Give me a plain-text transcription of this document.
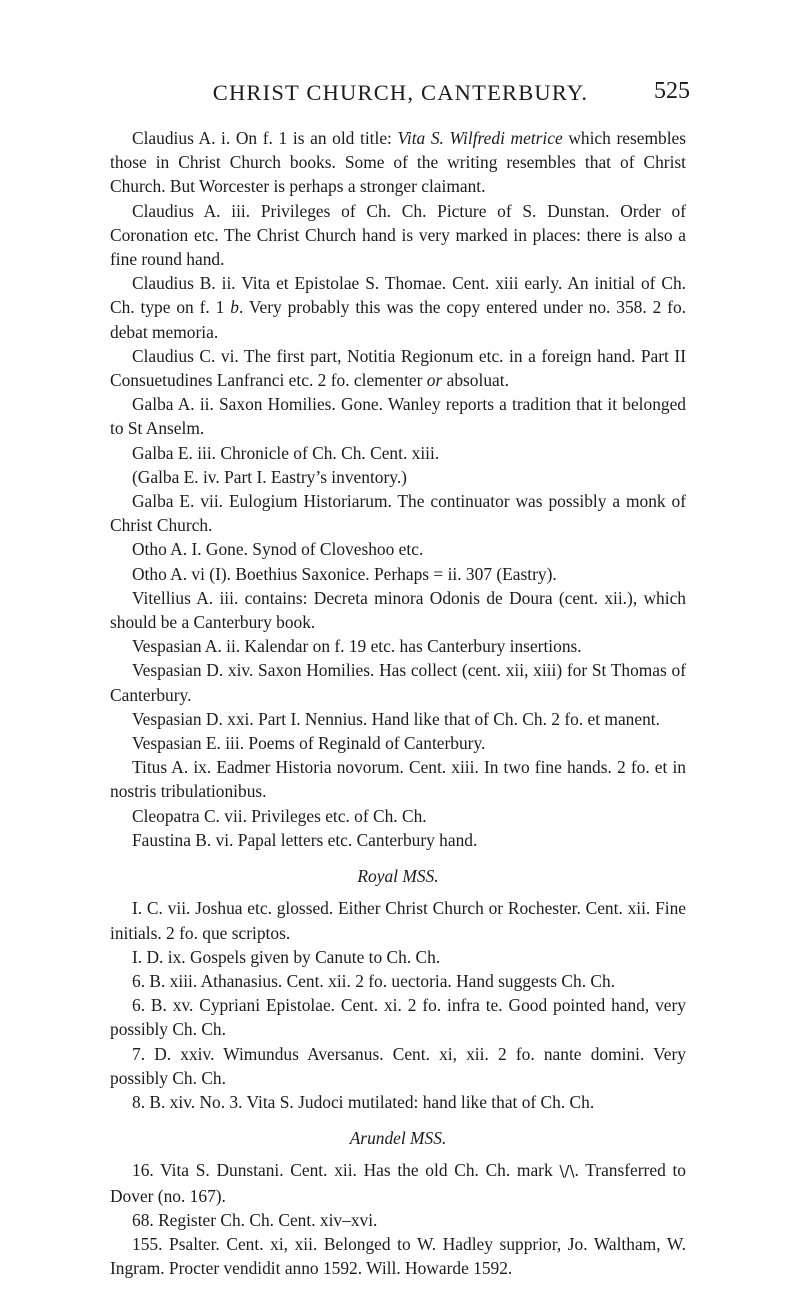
CHRIST CHURCH, CANTERBURY.	525

Claudius A. i. On f. 1 is an old title: Vita S. Wilfredi metrice which resembles those in Christ Church books. Some of the writing resembles that of Christ Church. But Worcester is perhaps a stronger claimant.

Claudius A. iii. Privileges of Ch. Ch. Picture of S. Dunstan. Order of Coronation etc. The Christ Church hand is very marked in places: there is also a fine round hand.

Claudius B. ii. Vita et Epistolae S. Thomae. Cent. xiii early. An initial of Ch. Ch. type on f. 1 b. Very probably this was the copy entered under no. 358. 2 fo. debat memoria.

Claudius C. vi. The first part, Notitia Regionum etc. in a foreign hand. Part II Consuetudines Lanfranci etc. 2 fo. clementer or absoluat.

Galba A. ii. Saxon Homilies. Gone. Wanley reports a tradition that it belonged to St Anselm.

Galba E. iii. Chronicle of Ch. Ch. Cent. xiii.

(Galba E. iv. Part I. Eastry’s inventory.)

Galba E. vii. Eulogium Historiarum. The continuator was possibly a monk of Christ Church.

Otho A. I. Gone. Synod of Cloveshoo etc.

Otho A. vi (I). Boethius Saxonice. Perhaps = ii. 307 (Eastry).

Vitellius A. iii. contains: Decreta minora Odonis de Doura (cent. xii.), which should be a Canterbury book.

Vespasian A. ii. Kalendar on f. 19 etc. has Canterbury insertions.

Vespasian D. xiv. Saxon Homilies. Has collect (cent. xii, xiii) for St Thomas of Canterbury.

Vespasian D. xxi. Part I. Nennius. Hand like that of Ch. Ch. 2 fo. et manent.

Vespasian E. iii. Poems of Reginald of Canterbury.

Titus A. ix. Eadmer Historia novorum. Cent. xiii. In two fine hands. 2 fo. et in nostris tribulationibus.

Cleopatra C. vii. Privileges etc. of Ch. Ch.

Faustina B. vi. Papal letters etc. Canterbury hand.

Royal MSS.

I. C. vii. Joshua etc. glossed. Either Christ Church or Rochester. Cent. xii. Fine initials. 2 fo. que scriptos.

I. D. ix. Gospels given by Canute to Ch. Ch.

6. B. xiii. Athanasius. Cent. xii. 2 fo. uectoria. Hand suggests Ch. Ch.

6. B. xv. Cypriani Epistolae. Cent. xi. 2 fo. infra te. Good pointed hand, very possibly Ch. Ch.

7. D. xxiv. Wimundus Aversanus. Cent. xi, xii. 2 fo. nante domini. Very possibly Ch. Ch.

8. B. xiv. No. 3. Vita S. Judoci mutilated: hand like that of Ch. Ch.

Arundel MSS.

16. Vita S. Dunstani. Cent. xii. Has the old Ch. Ch. mark \/\. Transferred to Dover (no. 167).

68. Register Ch. Ch. Cent. xiv–xvi.

155. Psalter. Cent. xi, xii. Belonged to W. Hadley supprior, Jo. Waltham, W. Ingram. Procter vendidit anno 1592. Will. Howarde 1592.
